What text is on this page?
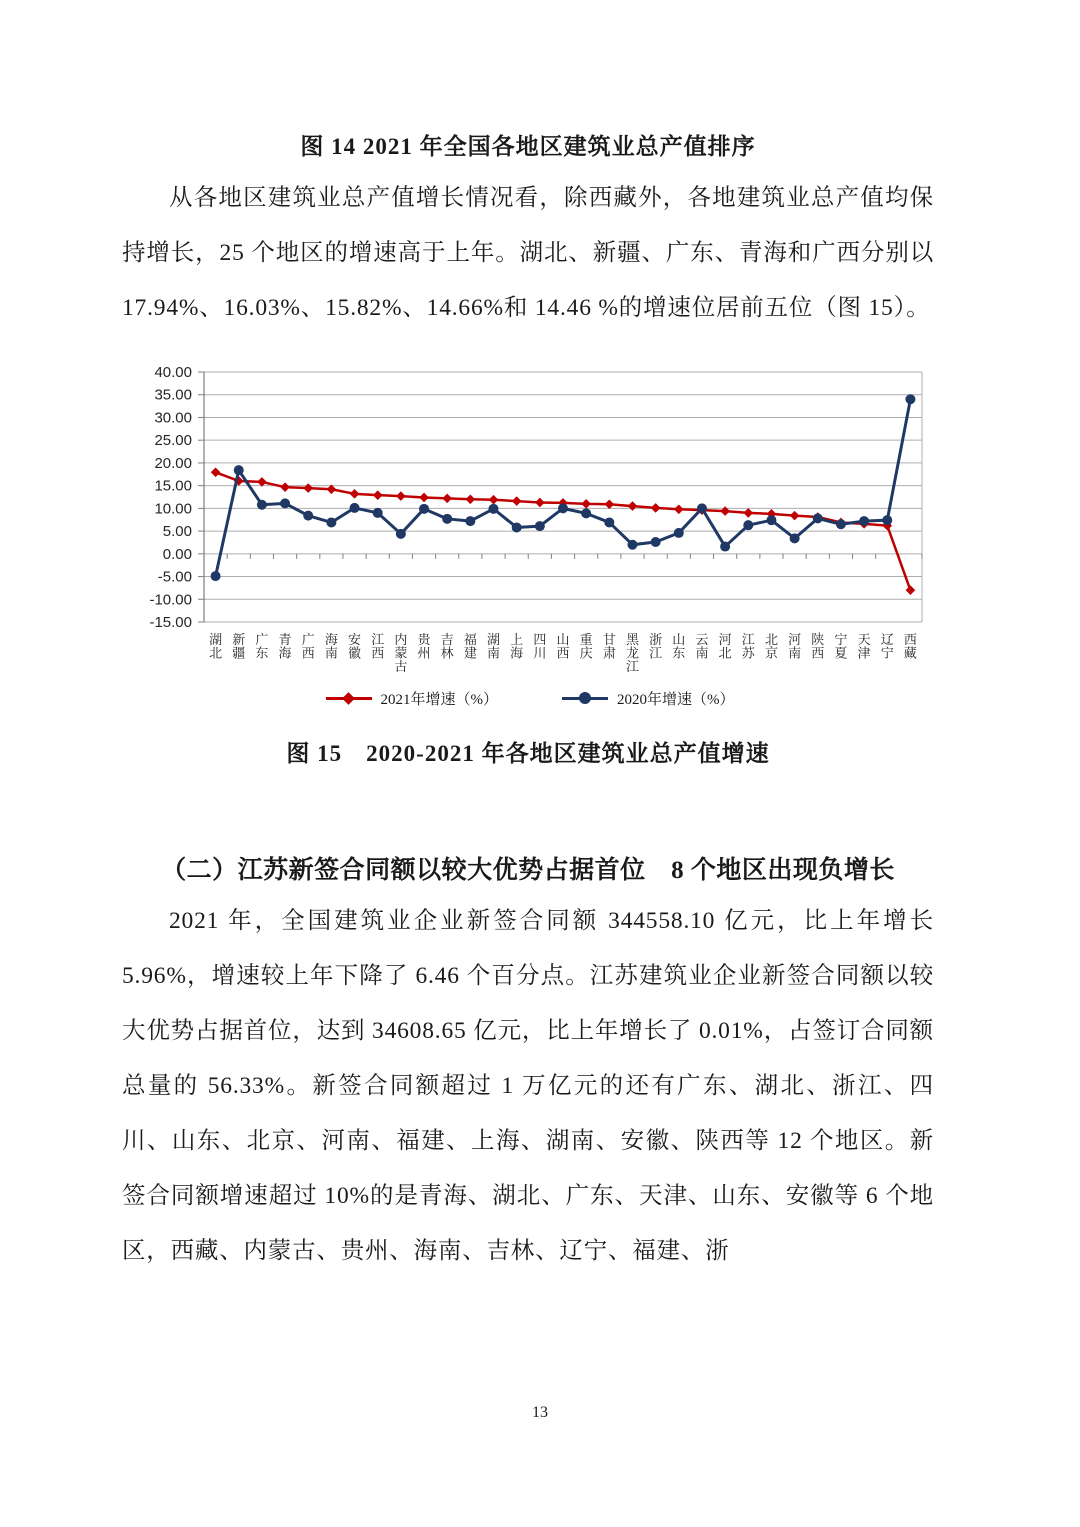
图 14 2021 年全国各地区建筑业总产值排序

从各地区建筑业总产值增长情况看，除西藏外，各地建筑业总产值均保持增长，25 个地区的增速高于上年。湖北、新疆、广东、青海和广西分别以 17.94%、16.03%、15.82%、14.66%和 14.46 %的增速位居前五位（图 15）。

-15.00
-10.00
-5.00
0.00
5.00
10.00
15.00
20.00
25.00
30.00
35.00
40.00
湖北
新疆
广东
青海
广西
海南
安徽
江西
内蒙古
贵州
吉林
福建
湖南
上海
四川
山西
重庆
甘肃
黑龙江
浙江
山东
云南
河北
江苏
北京
河南
陕西
宁夏
天津
辽宁
西藏
2021年增速（%）	2020年增速（%）
图 15　2020-2021 年各地区建筑业总产值增速
（二）江苏新签合同额以较大优势占据首位　8 个地区出现负增长

2021 年，全国建筑业企业新签合同额 344558.10 亿元，比上年增长 5.96%，增速较上年下降了 6.46 个百分点。江苏建筑业企业新签合同额以较大优势占据首位，达到 34608.65 亿元，比上年增长了 0.01%，占签订合同额总量的 56.33%。新签合同额超过 1 万亿元的还有广东、湖北、浙江、四川、山东、北京、河南、福建、上海、湖南、安徽、陕西等 12 个地区。新签合同额增速超过 10%的是青海、湖北、广东、天津、山东、安徽等 6 个地区，西藏、内蒙古、贵州、海南、吉林、辽宁、福建、浙

13
